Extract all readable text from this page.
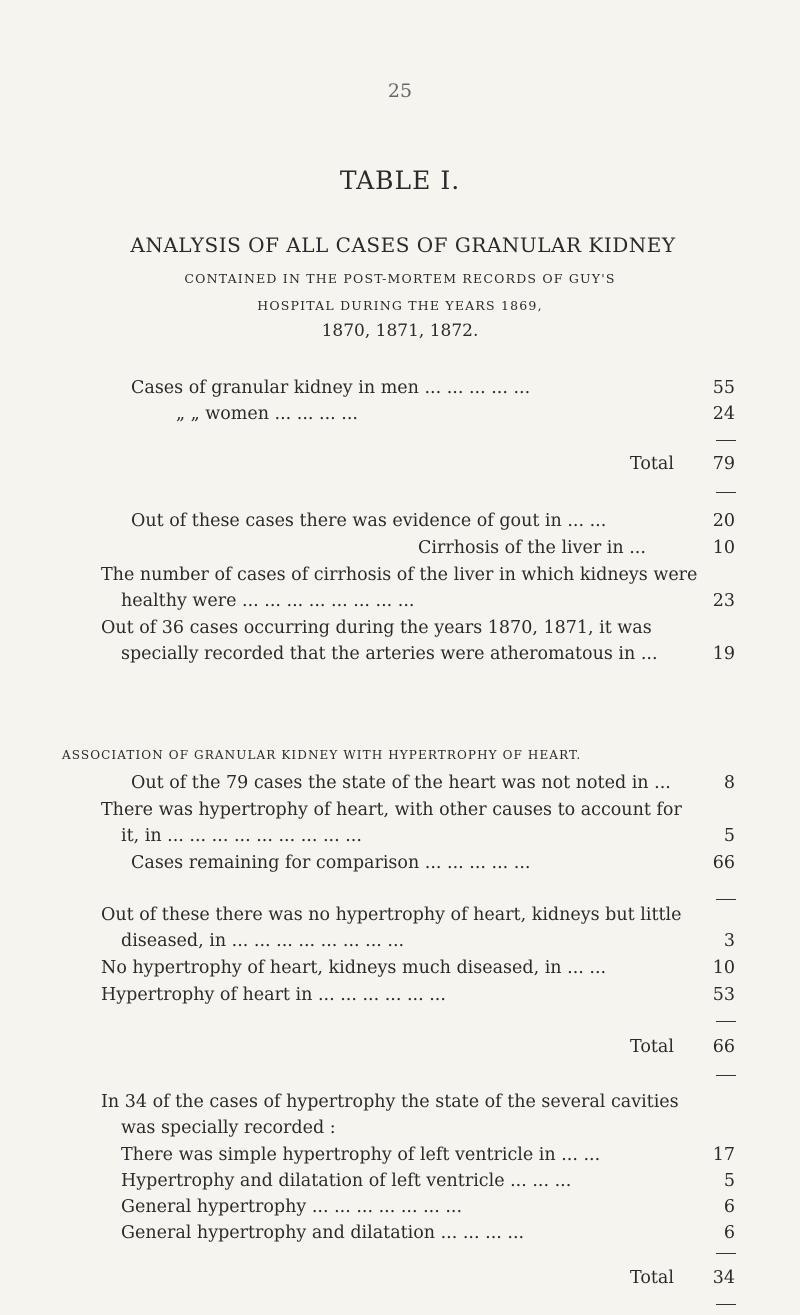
25
TABLE I.
ANALYSIS OF ALL CASES OF GRANULAR KIDNEY
CONTAINED IN THE POST-MORTEM RECORDS OF GUY'S
HOSPITAL DURING THE YEARS 1869,
1870, 1871, 1872.
Cases of granular kidney in men ... ... ... ... ...	55
„ „ women ... ... ... ...	24
Total	79
Out of these cases there was evidence of gout in ... ...	20
Cirrhosis of the liver in ...	10
The number of cases of cirrhosis of the liver in which kidneys were
healthy were ... ... ... ... ... ... ... ...	23
Out of 36 cases occurring during the years 1870, 1871, it was
specially recorded that the arteries were atheromatous in ...	19
ASSOCIATION OF GRANULAR KIDNEY WITH HYPERTROPHY OF HEART.
Out of the 79 cases the state of the heart was not noted in ...	8
There was hypertrophy of heart, with other causes to account for
it, in ... ... ... ... ... ... ... ... ...	5
Cases remaining for comparison ... ... ... ... ...	66
Out of these there was no hypertrophy of heart, kidneys but little
diseased, in ... ... ... ... ... ... ... ...	3
No hypertrophy of heart, kidneys much diseased, in ... ...	10
Hypertrophy of heart in ... ... ... ... ... ...	53
Total	66
In 34 of the cases of hypertrophy the state of the several cavities
was specially recorded :
There was simple hypertrophy of left ventricle in ... ...	17
Hypertrophy and dilatation of left ventricle ... ... ...	5
General hypertrophy ... ... ... ... ... ... ...	6
General hypertrophy and dilatation ... ... ... ...	6
Total	34
